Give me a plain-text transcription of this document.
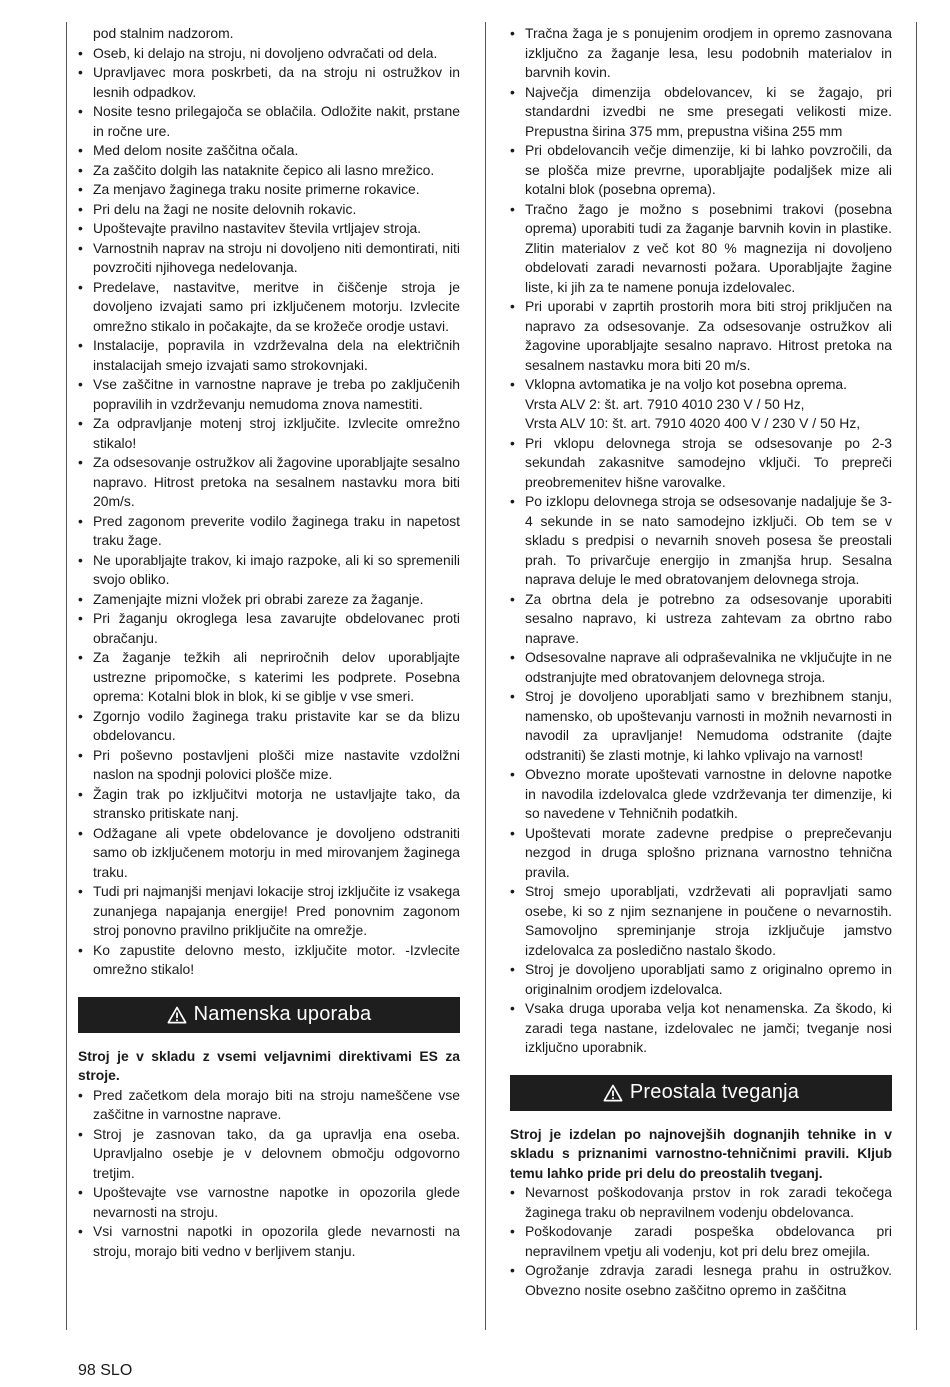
pod stalnim nadzorom.
• Oseb, ki delajo na stroju, ni dovoljeno odvračati od dela.
• Upravljavec mora poskrbeti, da na stroju ni ostružkov in lesnih odpadkov.
• Nosite tesno prilegajoča se oblačila. Odložite nakit, prstane in ročne ure.
• Med delom nosite zaščitna očala.
• Za zaščito dolgih las nataknite čepico ali lasno mrežico.
• Za menjavo žaginega traku nosite primerne rokavice.
• Pri delu na žagi ne nosite delovnih rokavic.
• Upoštevajte pravilno nastavitev števila vrtljajev stroja.
• Varnostnih naprav na stroju ni dovoljeno niti demontirati, niti povzročiti njihovega nedelovanja.
• Predelave, nastavitve, meritve in čiščenje stroja je dovoljeno izvajati samo pri izključenem motorju. Izvlecite omrežno stikalo in počakajte, da se krožeče orodje ustavi.
• Instalacije, popravila in vzdrževalna dela na električnih instalacijah smejo izvajati samo strokovnjaki.
• Vse zaščitne in varnostne naprave je treba po zaključenih popravilih in vzdrževanju nemudoma znova namestiti.
• Za odpravljanje motenj stroj izključite. Izvlecite omrežno stikalo!
• Za odsesovanje ostružkov ali žagovine uporabljajte sesalno napravo. Hitrost pretoka na sesalnem nastavku mora biti 20m/s.
• Pred zagonom preverite vodilo žaginega traku in napetost traku žage.
• Ne uporabljajte trakov, ki imajo razpoke, ali ki so spremenili svojo obliko.
• Zamenjajte mizni vložek pri obrabi zareze za žaganje.
• Pri žaganju okroglega lesa zavarujte obdelovanec proti obračanju.
• Za žaganje težkih ali nepriročnih delov uporabljajte ustrezne pripomočke, s katerimi les podprete. Posebna oprema: Kotalni blok in blok, ki se giblje v vse smeri.
• Zgornjo vodilo žaginega traku pristavite kar se da blizu obdelovancu.
• Pri poševno postavljeni plošči mize nastavite vzdolžni naslon na spodnji polovici plošče mize.
• Žagin trak po izključitvi motorja ne ustavljajte tako, da stransko pritiskate nanj.
• Odžagane ali vpete obdelovance je dovoljeno odstraniti samo ob izključenem motorju in med mirovanjem žaginega traku.
• Tudi pri najmanjši menjavi lokacije stroj izključite iz vsakega zunanjega napajanja energije! Pred ponovnim zagonom stroj ponovno pravilno priključite na omrežje.
• Ko zapustite delovno mesto, izključite motor. -Izvlecite omrežno stikalo!
Namenska uporaba
Stroj je v skladu z vsemi veljavnimi direktivami ES za stroje.
• Pred začetkom dela morajo biti na stroju nameščene vse zaščitne in varnostne naprave.
• Stroj je zasnovan tako, da ga upravlja ena oseba. Upravljalno osebje je v delovnem območju odgovorno tretjim.
• Upoštevajte vse varnostne napotke in opozorila glede nevarnosti na stroju.
• Vsi varnostni napotki in opozorila glede nevarnosti na stroju, morajo biti vedno v berljivem stanju.
• Tračna žaga je s ponujenim orodjem in opremo zasnovana izključno za žaganje lesa, lesu podobnih materialov in barvnih kovin.
• Največja dimenzija obdelovancev, ki se žagajo, pri standardni izvedbi ne sme presegati velikosti mize. Prepustna širina 375 mm, prepustna višina 255 mm
• Pri obdelovancih večje dimenzije, ki bi lahko povzročili, da se plošča mize prevrne, uporabljajte podaljšek mize ali kotalni blok (posebna oprema).
• Tračno žago je možno s posebnimi trakovi (posebna oprema) uporabiti tudi za žaganje barvnih kovin in plastike. Zlitin materialov z več kot 80 % magnezija ni dovoljeno obdelovati zaradi nevarnosti požara. Uporabljajte žagine liste, ki jih za te namene ponuja izdelovalec.
• Pri uporabi v zaprtih prostorih mora biti stroj priključen na napravo za odsesovanje. Za odsesovanje ostružkov ali žagovine uporabljajte sesalno napravo. Hitrost pretoka na sesalnem nastavku mora biti 20 m/s.
• Vklopna avtomatika je na voljo kot posebna oprema.
Vrsta ALV 2: št. art. 7910 4010 230 V / 50 Hz,
Vrsta ALV 10: št. art. 7910 4020 400 V / 230 V / 50 Hz,
• Pri vklopu delovnega stroja se odsesovanje po 2-3 sekundah zakasnitve samodejno vključi. To prepreči preobremenitev hišne varovalke.
• Po izklopu delovnega stroja se odsesovanje nadaljuje še 3-4 sekunde in se nato samodejno izključi. Ob tem se v skladu s predpisi o nevarnih snoveh posesa še preostali prah. To privarčuje energijo in zmanjša hrup. Sesalna naprava deluje le med obratovanjem delovnega stroja.
• Za obrtna dela je potrebno za odsesovanje uporabiti sesalno napravo, ki ustreza zahtevam za obrtno rabo naprave.
• Odsesovalne naprave ali odpraševalnika ne vključujte in ne odstranjujte med obratovanjem delovnega stroja.
• Stroj je dovoljeno uporabljati samo v brezhibnem stanju, namensko, ob upoštevanju varnosti in možnih nevarnosti in navodil za upravljanje! Nemudoma odstranite (dajte odstraniti) še zlasti motnje, ki lahko vplivajo na varnost!
• Obvezno morate upoštevati varnostne in delovne napotke in navodila izdelovalca glede vzdrževanja ter dimenzije, ki so navedene v Tehničnih podatkih.
• Upoštevati morate zadevne predpise o preprečevanju nezgod in druga splošno priznana varnostno tehnična pravila.
• Stroj smejo uporabljati, vzdrževati ali popravljati samo osebe, ki so z njim seznanjene in poučene o nevarnostih. Samovoljno spreminjanje stroja izključuje jamstvo izdelovalca za posledično nastalo škodo.
• Stroj je dovoljeno uporabljati samo z originalno opremo in originalnim orodjem izdelovalca.
• Vsaka druga uporaba velja kot nenamenska. Za škodo, ki zaradi tega nastane, izdelovalec ne jamči; tveganje nosi izključno uporabnik.
Preostala tveganja
Stroj je izdelan po najnovejših dognanjih tehnike in v skladu s priznanimi varnostno-tehničnimi pravili. Kljub temu lahko pride pri delu do preostalih tveganj.
• Nevarnost poškodovanja prstov in rok zaradi tekočega žaginega traku ob nepravilnem vodenju obdelovanca.
• Poškodovanje zaradi pospeška obdelovanca pri nepravilnem vpetju ali vodenju, kot pri delu brez omejila.
• Ogrožanje zdravja zaradi lesnega prahu in ostružkov. Obvezno nosite osebno zaščitno opremo in zaščitna
98 SLO
